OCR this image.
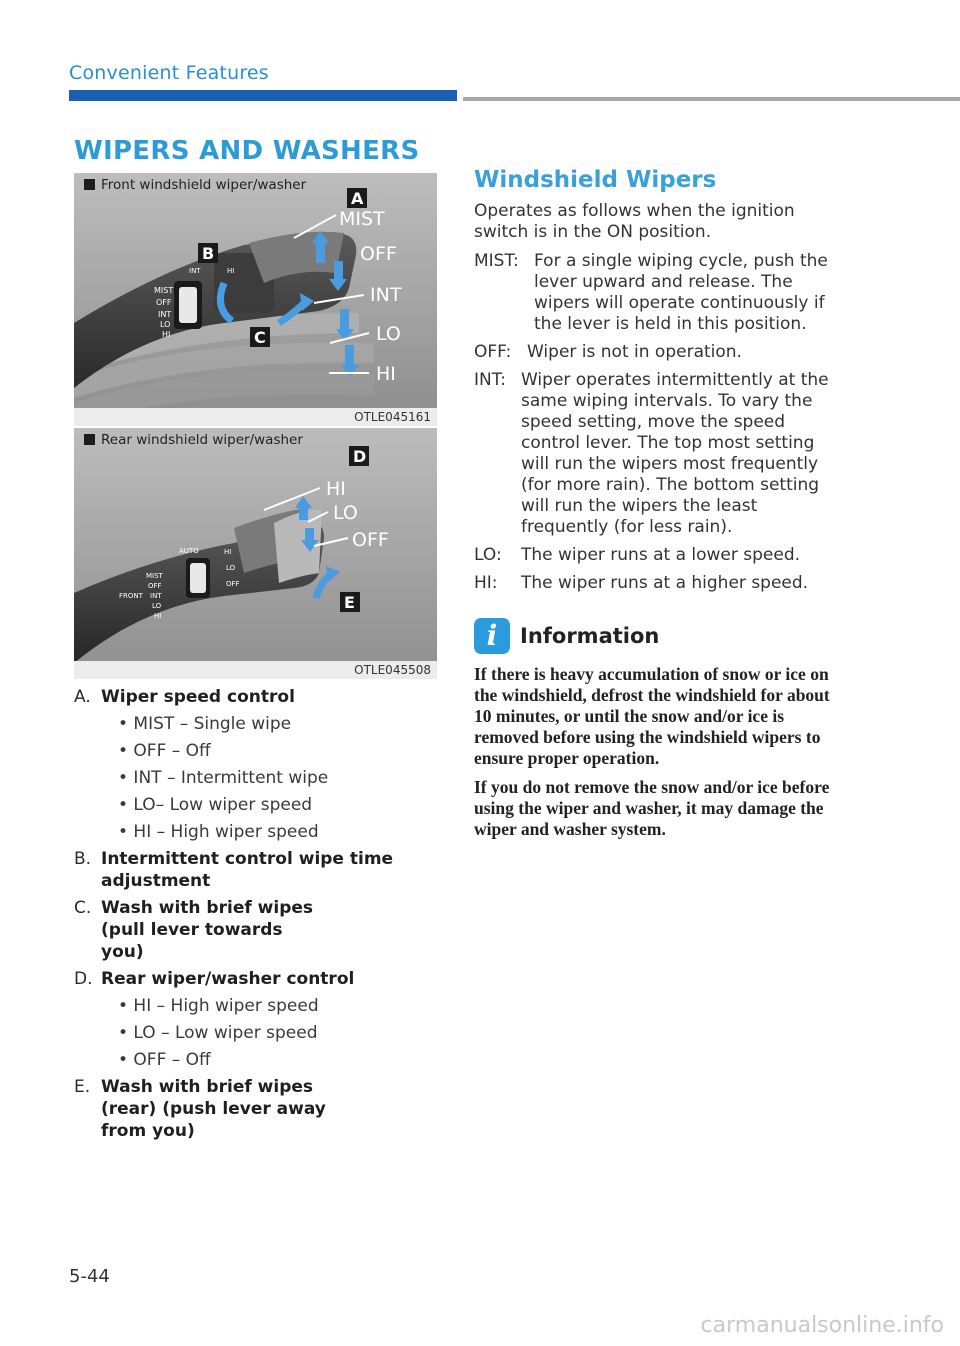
Convenient Features
WIPERS AND WASHERS
MIST
OFF
INT
LO
HI
INT	HI
A
B
C
MIST
OFF
INT
LO
HI
Front windshield wiper/washer
OTLE045161
AUTO	HI
LO
OFF
MIST
OFF
INT
LO
HI
FRONT
D
E
HI
LO
OFF
Rear windshield wiper/washer
OTLE045508
A. Wiper speed control
• MIST – Single wipe
• OFF – Off
• INT – Intermittent wipe
• LO– Low wiper speed
• HI – High wiper speed
B. Intermittent control wipe time adjustment
C. Wash with brief wipes (pull lever towards you)
D. Rear wiper/washer control
• HI – High wiper speed
• LO – Low wiper speed
• OFF – Off
E. Wash with brief wipes (rear) (push lever away from you)
Windshield Wipers
Operates as follows when the ignition switch is in the ON position.
MIST: For a single wiping cycle, push the lever upward and release. The wipers will operate continuously if the lever is held in this position.
OFF: Wiper is not in operation.
INT: Wiper operates intermittently at the same wiping intervals. To vary the speed setting, move the speed control lever. The top most setting will run the wipers most frequently (for more rain). The bottom setting will run the wipers the least frequently (for less rain).
LO:	The wiper runs at a lower speed.
HI:	The wiper runs at a higher speed.
i	Information

If there is heavy accumulation of snow or ice on the windshield, defrost the windshield for about 10 minutes, or until the snow and/or ice is removed before using the windshield wipers to ensure proper operation.

If you do not remove the snow and/or ice before using the wiper and washer, it may damage the wiper and washer system.

5-44
carmanualsonline.info
